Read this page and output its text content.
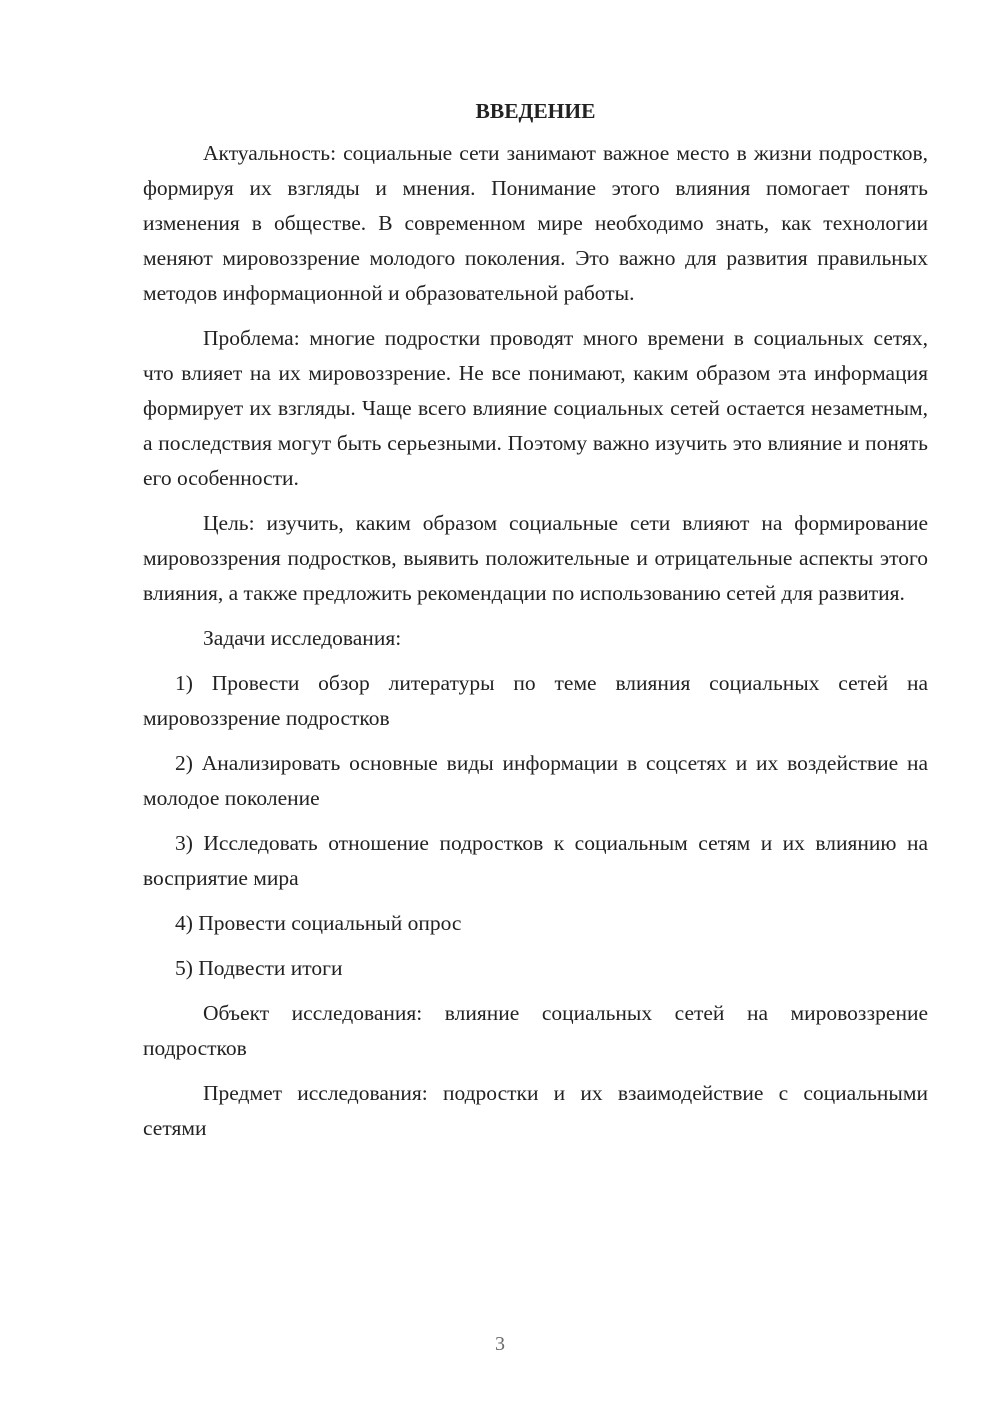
ВВЕДЕНИЕ

Актуальность: социальные сети занимают важное место в жизни подростков, формируя их взгляды и мнения. Понимание этого влияния помогает понять изменения в обществе. В современном мире необходимо знать, как технологии меняют мировоззрение молодого поколения. Это важно для развития правильных методов информационной и образовательной работы.

Проблема: многие подростки проводят много времени в социальных сетях, что влияет на их мировоззрение. Не все понимают, каким образом эта информация формирует их взгляды. Чаще всего влияние социальных сетей остается незаметным, а последствия могут быть серьезными. Поэтому важно изучить это влияние и понять его особенности.

Цель: изучить, каким образом социальные сети влияют на формирование мировоззрения подростков, выявить положительные и отрицательные аспекты этого влияния, а также предложить рекомендации по использованию сетей для развития.

Задачи исследования:

1) Провести обзор литературы по теме влияния социальных сетей на мировоззрение подростков

2) Анализировать основные виды информации в соцсетях и их воздействие на молодое поколение

3) Исследовать отношение подростков к социальным сетям и их влиянию на восприятие мира

4) Провести социальный опрос

5) Подвести итоги

Объект исследования: влияние социальных сетей на мировоззрение подростков

Предмет исследования: подростки и их взаимодействие с социальными сетями

3
